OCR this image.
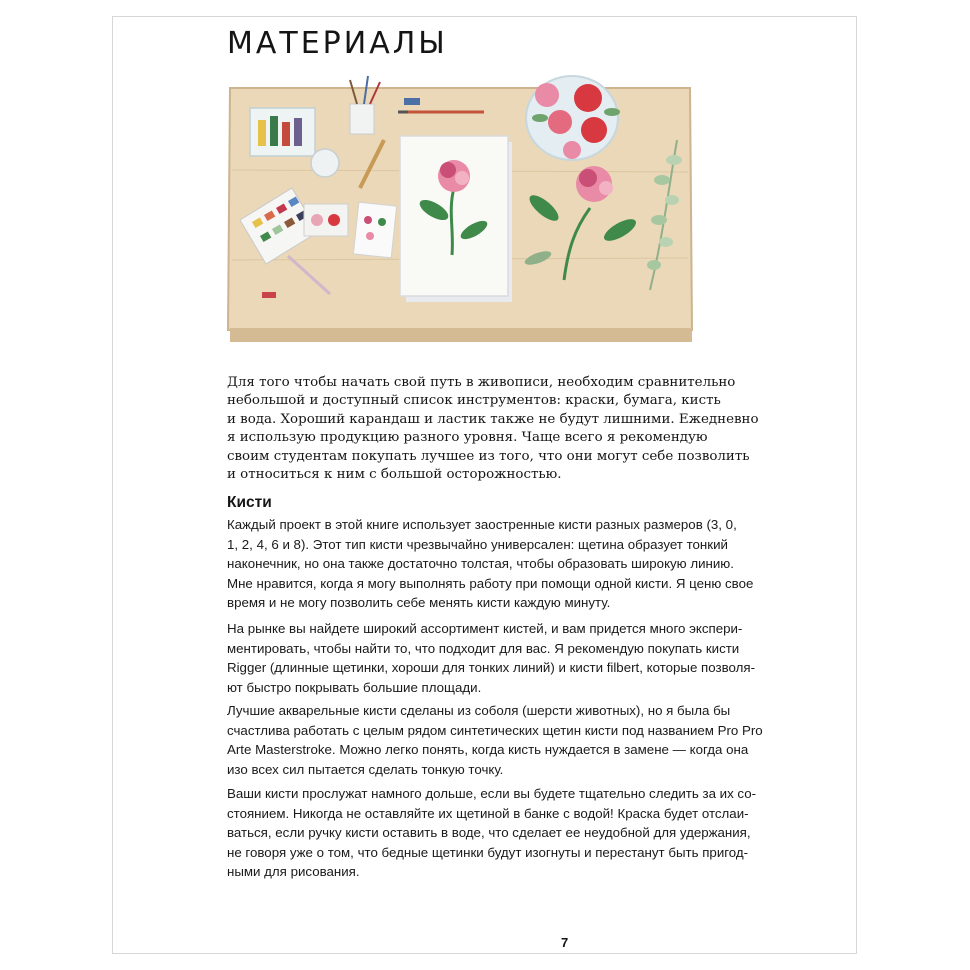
МАТЕРИАЛЫ

Для того чтобы начать свой путь в живописи, необходим сравнительно
небольшой и доступный список инструментов: краски, бумага, кисть
и вода. Хороший карандаш и ластик также не будут лишними. Ежедневно
я использую продукцию разного уровня. Чаще всего я рекомендую
своим студентам покупать лучшее из того, что они могут себе позволить
и относиться к ним с большой осторожностью.

Кисти

Каждый проект в этой книге использует заостренные кисти разных размеров (3, 0,
1, 2, 4, 6 и 8). Этот тип кисти чрезвычайно универсален: щетина образует тонкий
наконечник, но она также достаточно толстая, чтобы образовать широкую линию.
Мне нравится, когда я могу выполнять работу при помощи одной кисти. Я ценю свое
время и не могу позволить себе менять кисти каждую минуту.

На рынке вы найдете широкий ассортимент кистей, и вам придется много экспери-
ментировать, чтобы найти то, что подходит для вас. Я рекомендую покупать кисти
Rigger (длинные щетинки, хороши для тонких линий) и кисти filbert, которые позволя-
ют быстро покрывать большие площади.

Лучшие акварельные кисти сделаны из соболя (шерсти животных), но я была бы
счастлива работать с целым рядом синтетических щетин кисти под названием Pro Pro
Arte Masterstroke. Можно легко понять, когда кисть нуждается в замене — когда она
изо всех сил пытается сделать тонкую точку.

Ваши кисти прослужат намного дольше, если вы будете тщательно следить за их со-
стоянием. Никогда не оставляйте их щетиной в банке с водой! Краска будет отслаи-
ваться, если ручку кисти оставить в воде, что сделает ее неудобной для удержания,
не говоря уже о том, что бедные щетинки будут изогнуты и перестанут быть пригод-
ными для рисования.

7
